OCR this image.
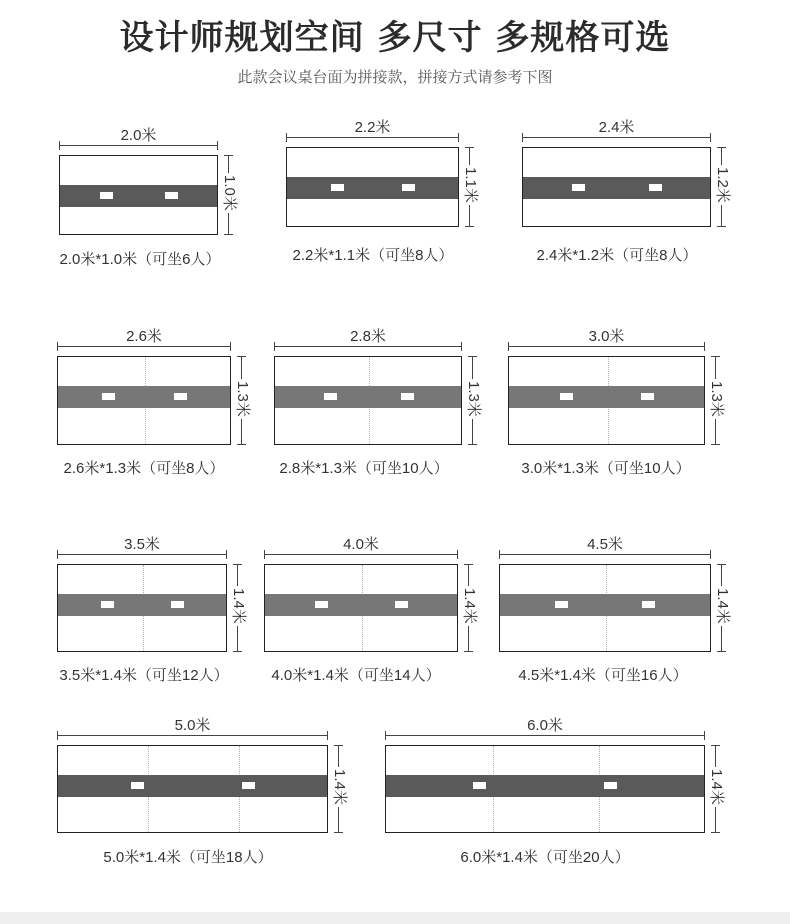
设计师规划空间 多尺寸 多规格可选
此款会议桌台面为拼接款，拼接方式请参考下图
2.0米
1.0米
2.0米*1.0米（可坐6人）
2.2米
1.1米
2.2米*1.1米（可坐8人）
2.4米
1.2米
2.4米*1.2米（可坐8人）
2.6米
1.3米
2.6米*1.3米（可坐8人）
2.8米
1.3米
2.8米*1.3米（可坐10人）
3.0米
1.3米
3.0米*1.3米（可坐10人）
3.5米
1.4米
3.5米*1.4米（可坐12人）
4.0米
1.4米
4.0米*1.4米（可坐14人）
4.5米
1.4米
4.5米*1.4米（可坐16人）
5.0米
1.4米
5.0米*1.4米（可坐18人）
6.0米
1.4米
6.0米*1.4米（可坐20人）
